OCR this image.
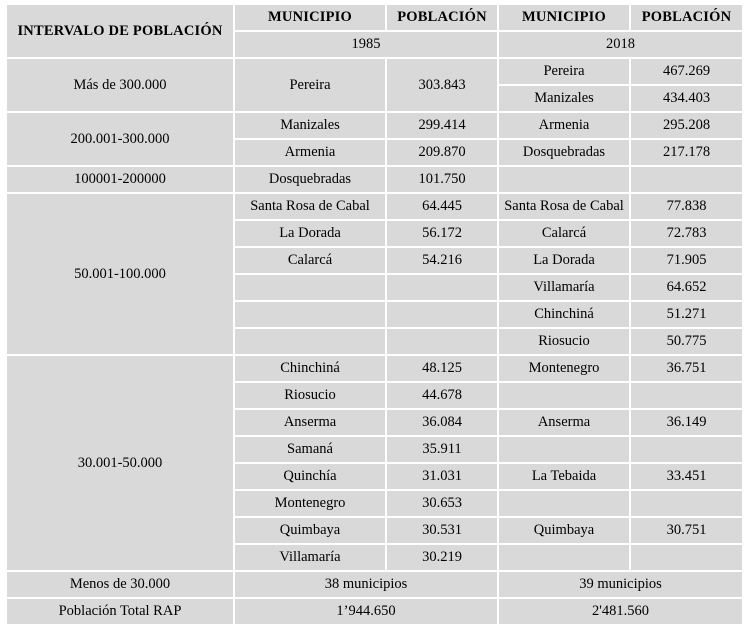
INTERVALO DE POBLACIÓN	MUNICIPIO	POBLACIÓN	MUNICIPIO	POBLACIÓN
	1985		2018	
Más de 300.000	Pereira	303.843	Pereira	467.269
			Manizales	434.403
200.001-300.000	Manizales	299.414	Armenia	295.208
	Armenia	209.870	Dosquebradas	217.178
100001-200000	Dosquebradas	101.750		
50.001-100.000	Santa Rosa de Cabal	64.445	Santa Rosa de Cabal	77.838
	La Dorada	56.172	Calarcá	72.783
	Calarcá	54.216	La Dorada	71.905
			Villamaría	64.652
			Chinchiná	51.271
			Riosucio	50.775
30.001-50.000	Chinchiná	48.125	Montenegro	36.751
	Riosucio	44.678		
	Anserma	36.084	Anserma	36.149
	Samaná	35.911		
	Quinchía	31.031	La Tebaida	33.451
	Montenegro	30.653		
	Quimbaya	30.531	Quimbaya	30.751
	Villamaría	30.219		
Menos de 30.000	38 municipios		39 municipios	
Población Total RAP	1’944.650		2'481.560	
